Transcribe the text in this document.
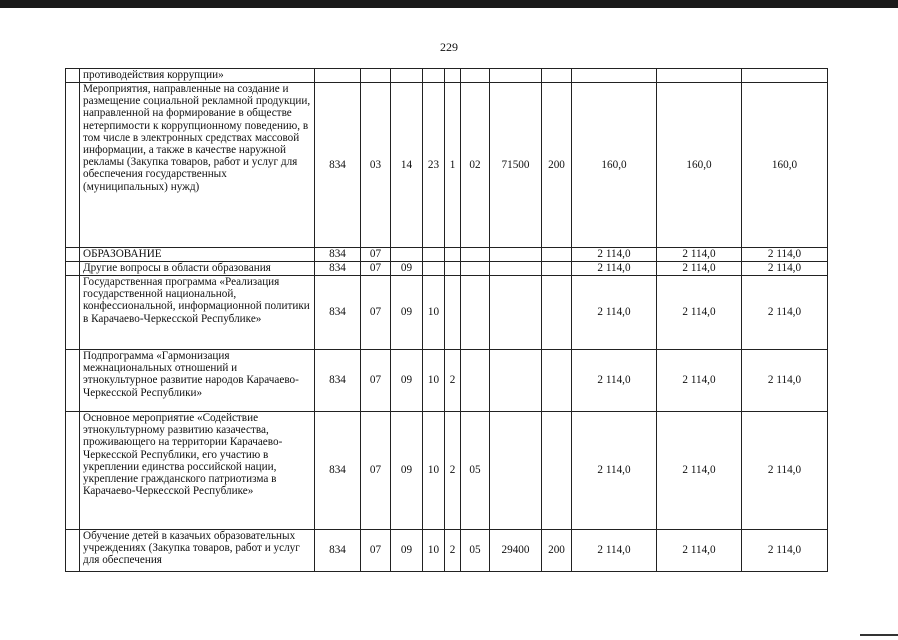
229
	противодействия коррупции»											
	Мероприятия, направленные на создание и размещение социальной рекламной продукции, направленной на формирование в обществе нетерпимости к коррупционному поведению, в том числе в электронных средствах массовой информации, а также в качестве наружной рекламы (Закупка товаров, работ и услуг для обеспечения государственных (муниципальных) нужд)	834	03	14	23	1	02	71500	200	160,0	160,0	160,0
	ОБРАЗОВАНИЕ	834	07							2 114,0	2 114,0	2 114,0
	Другие вопросы в области образования	834	07	09						2 114,0	2 114,0	2 114,0
	Государственная программа «Реализация государственной национальной, конфессиональной, информационной политики в Карачаево-Черкесской Республике»	834	07	09	10					2 114,0	2 114,0	2 114,0
	Подпрограмма «Гармонизация межнациональных отношений и этнокультурное развитие народов Карачаево-Черкесской Республики»	834	07	09	10	2				2 114,0	2 114,0	2 114,0
	Основное мероприятие «Содействие этнокультурному развитию казачества, проживающего на территории Карачаево-Черкесской Республики, его участию в укреплении единства российской нации, укрепление гражданского патриотизма в Карачаево-Черкесской Республике»	834	07	09	10	2	05			2 114,0	2 114,0	2 114,0
	Обучение детей в казачьих образовательных учреждениях (Закупка товаров, работ и услуг для обеспечения	834	07	09	10	2	05	29400	200	2 114,0	2 114,0	2 114,0
